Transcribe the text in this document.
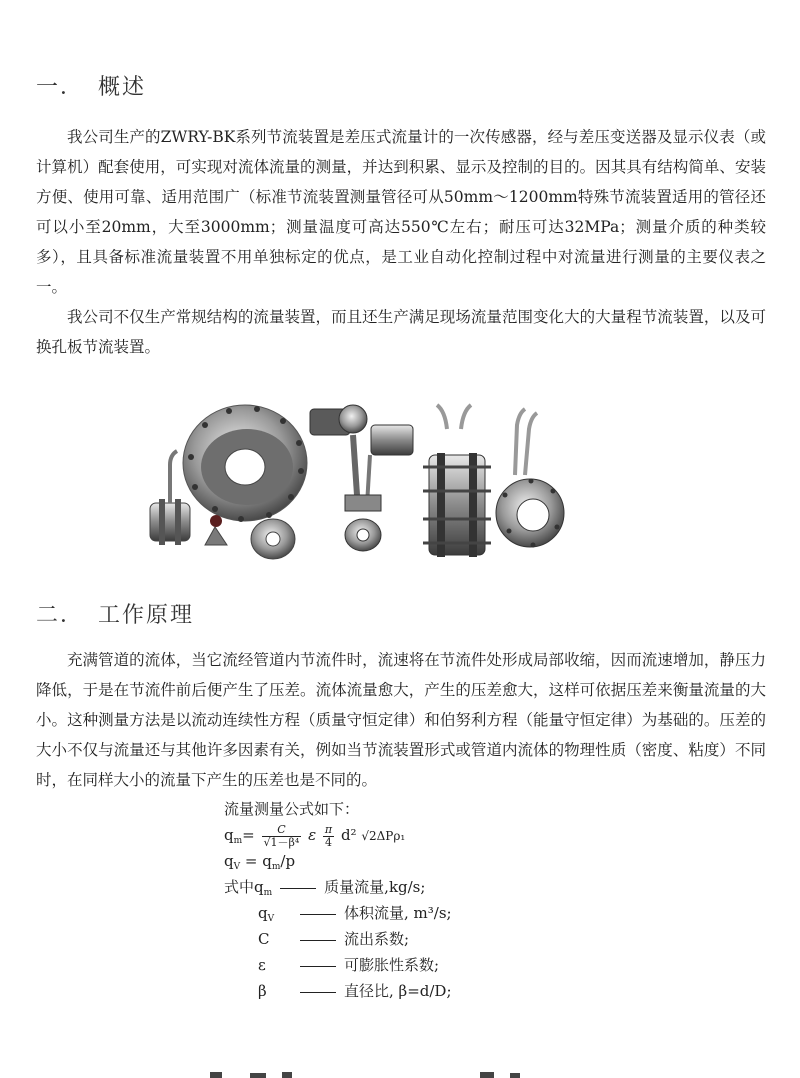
一． 概述

我公司生产的ZWRY-BK系列节流装置是差压式流量计的一次传感器，经与差压变送器及显示仪表（或计算机）配套使用，可实现对流体流量的测量，并达到积累、显示及控制的目的。因其具有结构简单、安装方便、使用可靠、适用范围广（标准节流装置测量管径可从50mm～1200mm特殊节流装置适用的管径还可以小至20mm，大至3000mm；测量温度可高达550℃左右；耐压可达32MPa；测量介质的种类较多），且具备标准流量装置不用单独标定的优点，是工业自动化控制过程中对流量进行测量的主要仪表之一。

我公司不仅生产常规结构的流量装置，而且还生产满足现场流量范围变化大的大量程节流装置，以及可换孔板节流装置。

二． 工作原理

充满管道的流体，当它流经管道内节流件时，流速将在节流件处形成局部收缩，因而流速增加，静压力降低，于是在节流件前后便产生了压差。流体流量愈大，产生的压差愈大，这样可依据压差来衡量流量的大小。这种测量方法是以流动连续性方程（质量守恒定律）和伯努利方程（能量守恒定律）为基础的。压差的大小不仅与流量还与其他许多因素有关，例如当节流装置形式或管道内流体的物理性质（密度、粘度）不同时，在同样大小的流量下产生的压差也是不同的。

流量测量公式如下：
$q_m= \frac{C}{\text{√1－β⁴}}$ ε $\frac{\pi}{4} d^2$ √2ΔPρ₁
$q_V = q_m/p$
式中$q_m$	质量流量,kg/s;
$q_V$	体积流量, m³/s;
C	流出系数;
ε	可膨胀性系数;
β	直径比, β=d/D;
